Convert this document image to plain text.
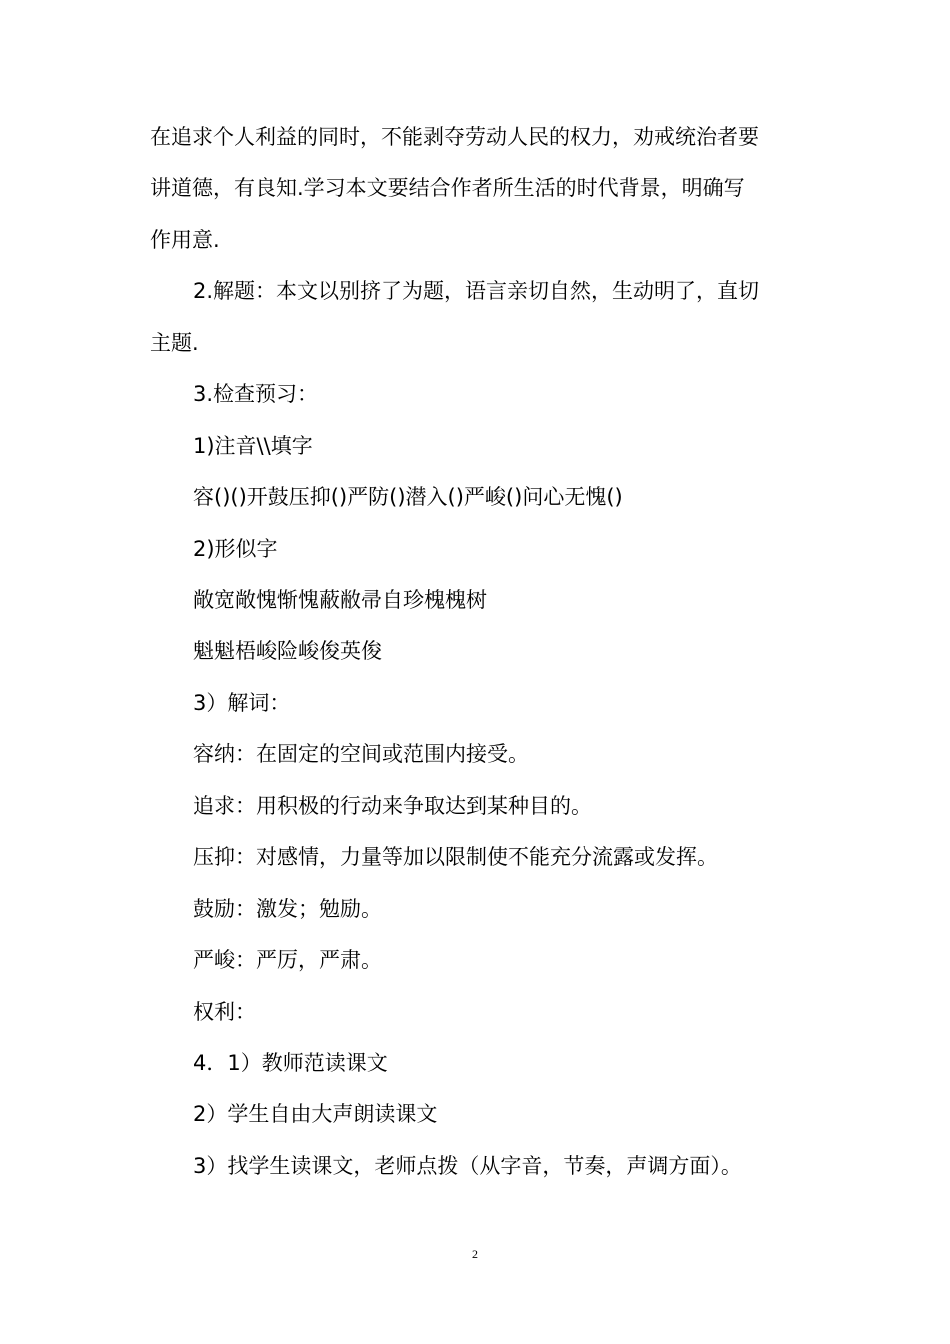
在追求个人利益的同时，不能剥夺劳动人民的权力，劝戒统治者要
讲道德，有良知.学习本文要结合作者所生活的时代背景，明确写
作用意.
2.解题：本文以别挤了为题，语言亲切自然，生动明了，直切
主题.
3.检查预习：
1)注音\\填字
容()()开鼓压抑()严防()潜入()严峻()问心无愧()
2)形似字
敞宽敞愧惭愧蔽敝帚自珍槐槐树
魁魁梧峻险峻俊英俊
3）解词：
容纳：在固定的空间或范围内接受。
追求：用积极的行动来争取达到某种目的。
压抑：对感情，力量等加以限制使不能充分流露或发挥。
鼓励：激发；勉励。
严峻：严厉，严肃。
权利：
4．1）教师范读课文
2）学生自由大声朗读课文
3）找学生读课文，老师点拨（从字音，节奏，声调方面）。
2
